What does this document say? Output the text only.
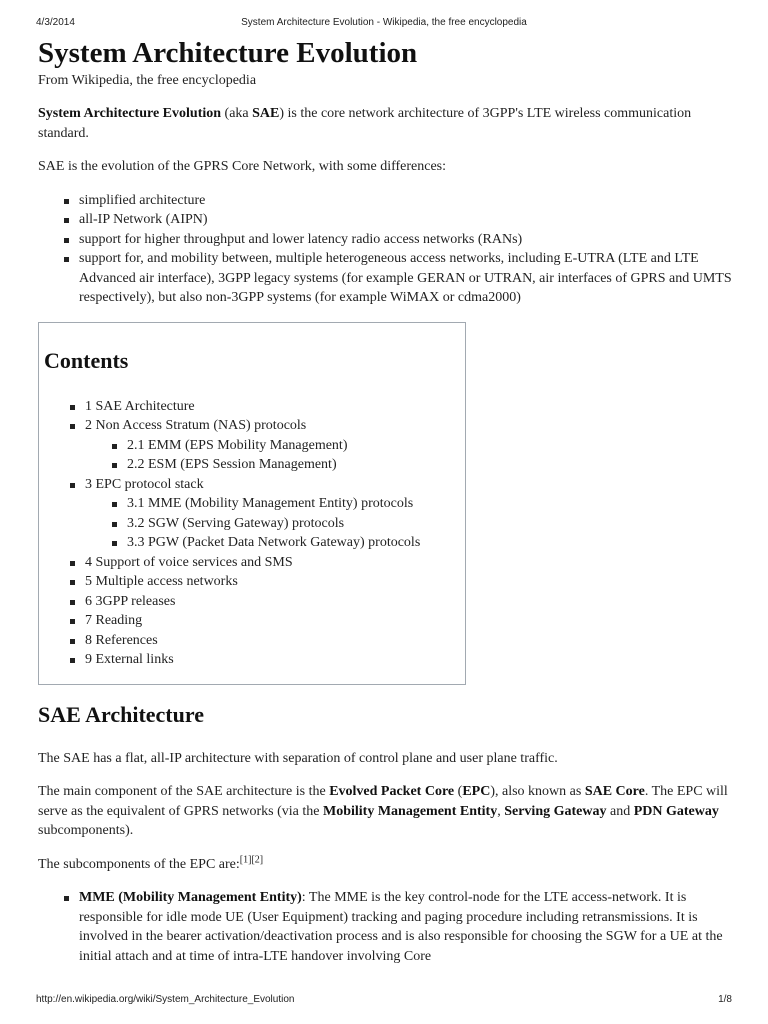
4/3/2014	System Architecture Evolution - Wikipedia, the free encyclopedia
System Architecture Evolution
From Wikipedia, the free encyclopedia

System Architecture Evolution (aka SAE) is the core network architecture of 3GPP's LTE wireless communication standard.

SAE is the evolution of the GPRS Core Network, with some differences:

simplified architecture
all-IP Network (AIPN)
support for higher throughput and lower latency radio access networks (RANs)
support for, and mobility between, multiple heterogeneous access networks, including E-UTRA (LTE and LTE Advanced air interface), 3GPP legacy systems (for example GERAN or UTRAN, air interfaces of GPRS and UMTS respectively), but also non-3GPP systems (for example WiMAX or cdma2000)
Contents
1 SAE Architecture
2 Non Access Stratum (NAS) protocols
2.1 EMM (EPS Mobility Management)
2.2 ESM (EPS Session Management)
3 EPC protocol stack
3.1 MME (Mobility Management Entity) protocols
3.2 SGW (Serving Gateway) protocols
3.3 PGW (Packet Data Network Gateway) protocols
4 Support of voice services and SMS
5 Multiple access networks
6 3GPP releases
7 Reading
8 References
9 External links
SAE Architecture

The SAE has a flat, all-IP architecture with separation of control plane and user plane traffic.

The main component of the SAE architecture is the Evolved Packet Core (EPC), also known as SAE Core. The EPC will serve as the equivalent of GPRS networks (via the Mobility Management Entity, Serving Gateway and PDN Gateway subcomponents).

The subcomponents of the EPC are:[1][2]

MME (Mobility Management Entity): The MME is the key control-node for the LTE access-network. It is responsible for idle mode UE (User Equipment) tracking and paging procedure including retransmissions. It is involved in the bearer activation/deactivation process and is also responsible for choosing the SGW for a UE at the initial attach and at time of intra-LTE handover involving Core
http://en.wikipedia.org/wiki/System_Architecture_Evolution	1/8
